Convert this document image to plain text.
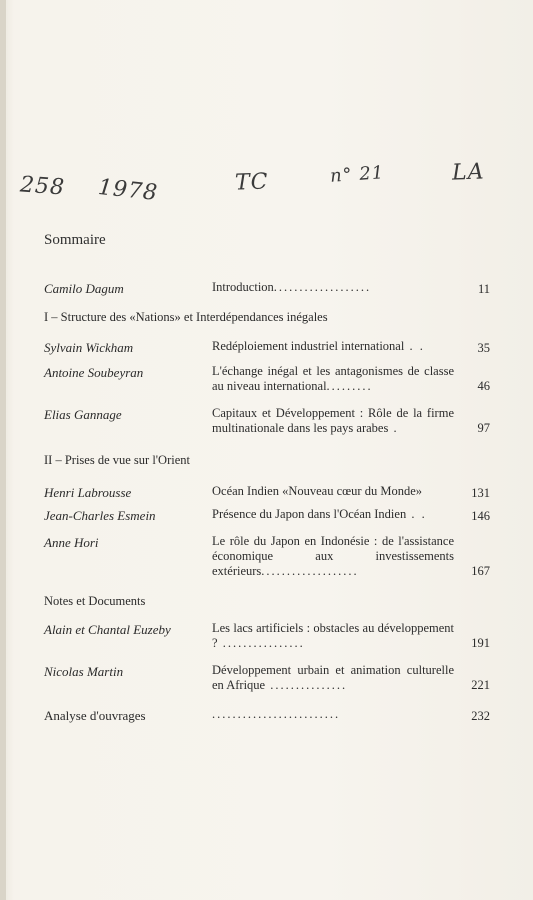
258 1978	TC	n° 21	LA
Sommaire
Camilo Dagum	Introduction...................	11
I – Structure des «Nations» et Interdépendances inégales
Sylvain Wickham	Redéploiement industriel international . .	35
Antoine Soubeyran	L'échange inégal et les antagonismes de classe au niveau international.........	46
Elias Gannage	Capitaux et Développement : Rôle de la firme multinationale dans les pays arabes .	97
II – Prises de vue sur l'Orient
Henri Labrousse	Océan Indien «Nouveau cœur du Monde»	131
Jean-Charles Esmein	Présence du Japon dans l'Océan Indien . .	146
Anne Hori	Le rôle du Japon en Indonésie : de l'assistance économique aux investissements extérieurs...................	167
Notes et Documents
Alain et Chantal Euzeby	Les lacs artificiels : obstacles au développement ? ................	191
Nicolas Martin	Développement urbain et animation culturelle en Afrique ...............	221
Analyse d'ouvrages	.........................	232
